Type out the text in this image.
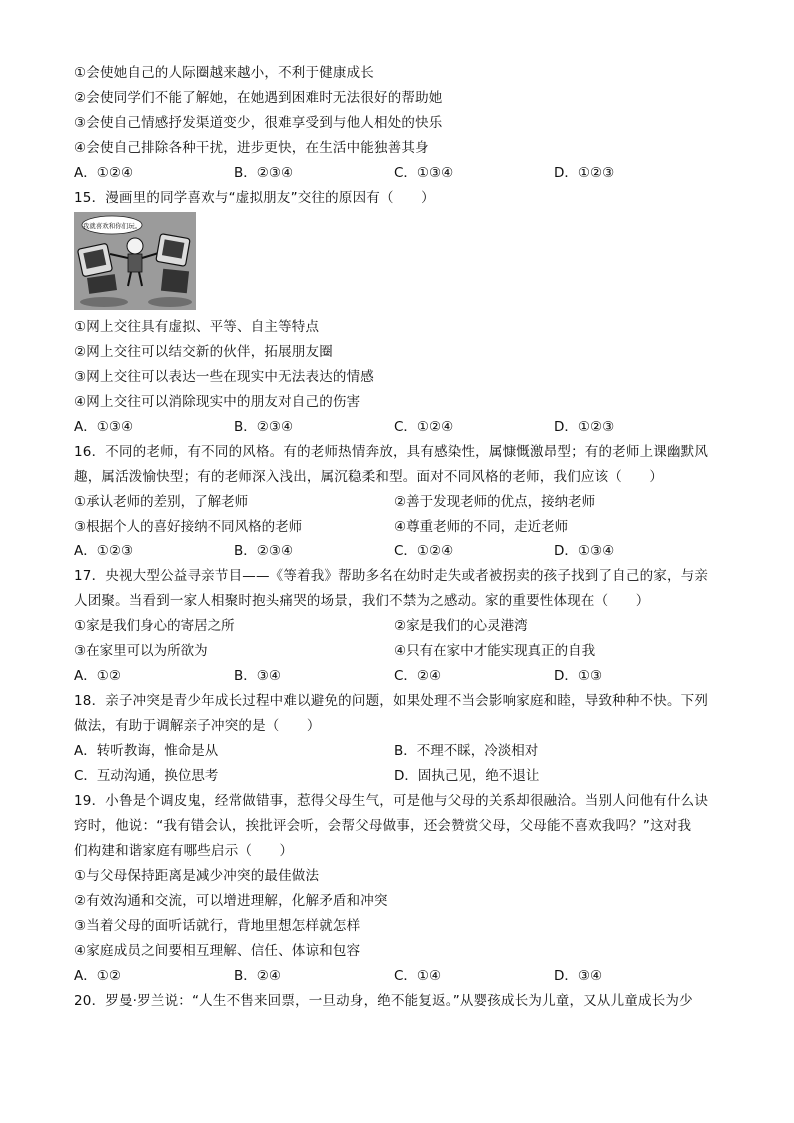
①会使她自己的人际圈越来越小，不利于健康成长
②会使同学们不能了解她，在她遇到困难时无法很好的帮助她
③会使自己情感抒发渠道变少，很难享受到与他人相处的快乐
④会使自己排除各种干扰，进步更快，在生活中能独善其身
A．①②④	B．②③④	C．①③④	D．①②③
15．漫画里的同学喜欢与“虚拟朋友”交往的原因有（　　）
我就喜欢和你们玩。
①网上交往具有虚拟、平等、自主等特点
②网上交往可以结交新的伙伴，拓展朋友圈
③网上交往可以表达一些在现实中无法表达的情感
④网上交往可以消除现实中的朋友对自己的伤害
A．①③④	B．②③④	C．①②④	D．①②③
16．不同的老师，有不同的风格。有的老师热情奔放，具有感染性，属慷慨激昂型；有的老师上课幽默风
趣，属活泼愉快型；有的老师深入浅出，属沉稳柔和型。面对不同风格的老师，我们应该（　　）
①承认老师的差别，了解老师	②善于发现老师的优点，接纳老师
③根据个人的喜好接纳不同风格的老师	④尊重老师的不同，走近老师
A．①②③	B．②③④	C．①②④	D．①③④
17．央视大型公益寻亲节目——《等着我》帮助多名在幼时走失或者被拐卖的孩子找到了自己的家，与亲
人团聚。当看到一家人相聚时抱头痛哭的场景，我们不禁为之感动。家的重要性体现在（　　）
①家是我们身心的寄居之所	②家是我们的心灵港湾
③在家里可以为所欲为	④只有在家中才能实现真正的自我
A．①②	B．③④	C．②④	D．①③
18．亲子冲突是青少年成长过程中难以避免的问题，如果处理不当会影响家庭和睦，导致种种不快。下列
做法，有助于调解亲子冲突的是（　　）
A．转听教诲，惟命是从	B．不理不睬，冷淡相对
C．互动沟通，换位思考	D．固执己见，绝不退让
19．小鲁是个调皮鬼，经常做错事，惹得父母生气，可是他与父母的关系却很融洽。当别人问他有什么诀
窍时，他说：“我有错会认，挨批评会听，会帮父母做事，还会赞赏父母，父母能不喜欢我吗？”这对我
们构建和谐家庭有哪些启示（　　）
①与父母保持距离是减少冲突的最佳做法
②有效沟通和交流，可以增进理解，化解矛盾和冲突
③当着父母的面听话就行，背地里想怎样就怎样
④家庭成员之间要相互理解、信任、体谅和包容
A．①②	B．②④	C．①④	D．③④
20．罗曼·罗兰说：“人生不售来回票，一旦动身，绝不能复返。”从婴孩成长为儿童，又从儿童成长为少
